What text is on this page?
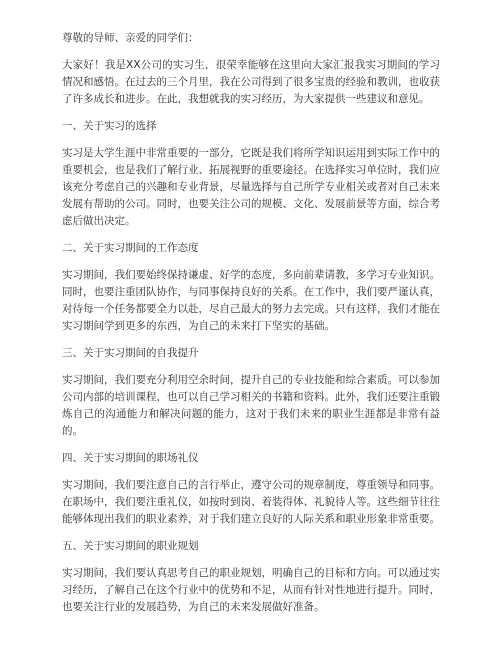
尊敬的导师、亲爱的同学们：

大家好！我是XX公司的实习生，很荣幸能够在这里向大家汇报我实习期间的学习情况和感悟。在过去的三个月里，我在公司得到了很多宝贵的经验和教训，也收获了许多成长和进步。在此，我想就我的实习经历，为大家提供一些建议和意见。

一、关于实习的选择

实习是大学生涯中非常重要的一部分，它既是我们将所学知识运用到实际工作中的重要机会，也是我们了解行业、拓展视野的重要途径。在选择实习单位时，我们应该充分考虑自己的兴趣和专业背景，尽量选择与自己所学专业相关或者对自己未来发展有帮助的公司。同时，也要关注公司的规模、文化、发展前景等方面，综合考虑后做出决定。

二、关于实习期间的工作态度

实习期间，我们要始终保持谦虚、好学的态度，多向前辈请教，多学习专业知识。同时，也要注重团队协作，与同事保持良好的关系。在工作中，我们要严谨认真，对待每一个任务都要全力以赴，尽自己最大的努力去完成。只有这样，我们才能在实习期间学到更多的东西，为自己的未来打下坚实的基础。

三、关于实习期间的自我提升

实习期间，我们要充分利用空余时间，提升自己的专业技能和综合素质。可以参加公司内部的培训课程，也可以自己学习相关的书籍和资料。此外，我们还要注重锻炼自己的沟通能力和解决问题的能力，这对于我们未来的职业生涯都是非常有益的。

四、关于实习期间的职场礼仪

实习期间，我们要注意自己的言行举止，遵守公司的规章制度，尊重领导和同事。在职场中，我们要注重礼仪，如按时到岗、着装得体、礼貌待人等。这些细节往往能够体现出我们的职业素养，对于我们建立良好的人际关系和职业形象非常重要。

五、关于实习期间的职业规划

实习期间，我们要认真思考自己的职业规划，明确自己的目标和方向。可以通过实习经历，了解自己在这个行业中的优势和不足，从而有针对性地进行提升。同时，也要关注行业的发展趋势，为自己的未来发展做好准备。
